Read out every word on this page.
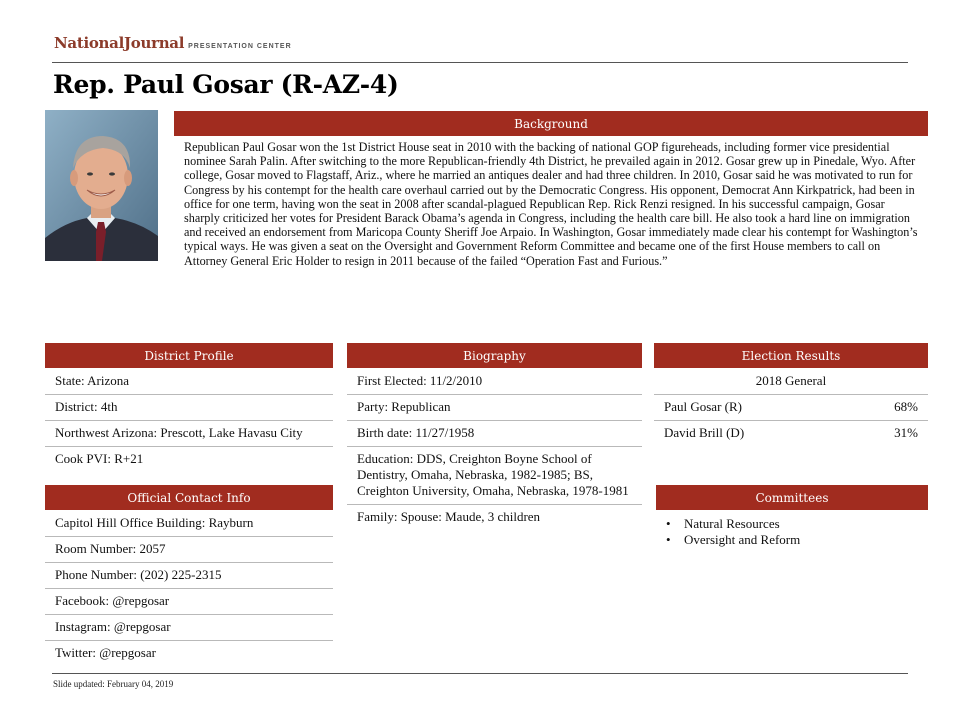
NationalJournal PRESENTATION CENTER
Rep. Paul Gosar (R-AZ-4)
Background
Republican Paul Gosar won the 1st District House seat in 2010 with the backing of national GOP figureheads, including former vice presidential nominee Sarah Palin. After switching to the more Republican-friendly 4th District, he prevailed again in 2012. Gosar grew up in Pinedale, Wyo. After college, Gosar moved to Flagstaff, Ariz., where he married an antiques dealer and had three children. In 2010, Gosar said he was motivated to run for Congress by his contempt for the health care overhaul carried out by the Democratic Congress. His opponent, Democrat Ann Kirkpatrick, had been in office for one term, having won the seat in 2008 after scandal-plagued Republican Rep. Rick Renzi resigned. In his successful campaign, Gosar sharply criticized her votes for President Barack Obama’s agenda in Congress, including the health care bill. He also took a hard line on immigration and received an endorsement from Maricopa County Sheriff Joe Arpaio. In Washington, Gosar immediately made clear his contempt for Washington’s typical ways. He was given a seat on the Oversight and Government Reform Committee and became one of the first House members to call on Attorney General Eric Holder to resign in 2011 because of the failed “Operation Fast and Furious.”
District Profile
State: Arizona
District: 4th
Northwest Arizona: Prescott, Lake Havasu City
Cook PVI: R+21
Official Contact Info
Capitol Hill Office Building: Rayburn
Room Number: 2057
Phone Number: (202) 225-2315
Facebook: @repgosar
Instagram: @repgosar
Twitter: @repgosar
Biography
First Elected: 11/2/2010
Party: Republican
Birth date: 11/27/1958
Education: DDS, Creighton Boyne School of Dentistry, Omaha, Nebraska, 1982-1985; BS, Creighton University, Omaha, Nebraska, 1978-1981
Family: Spouse: Maude, 3 children
Election Results
2018 General
Paul Gosar (R)	68%
David Brill (D)	31%
Committees
• Natural Resources
• Oversight and Reform
Slide updated: February 04, 2019
